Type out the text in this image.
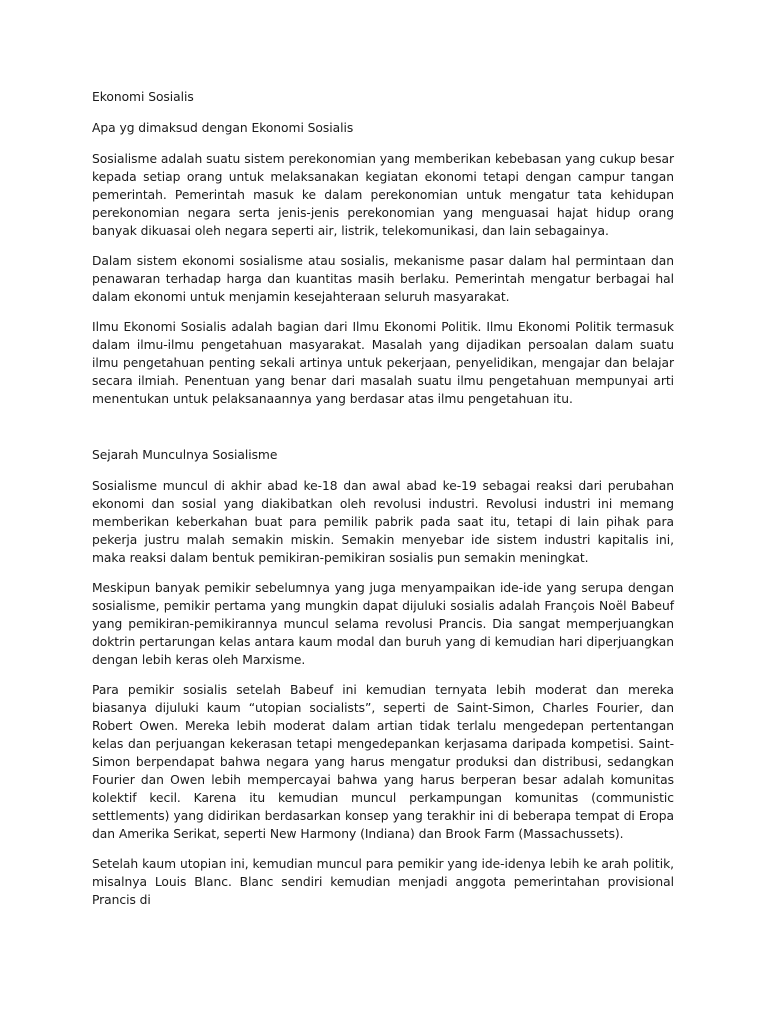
Ekonomi Sosialis

Apa yg dimaksud dengan Ekonomi Sosialis

Sosialisme adalah suatu sistem perekonomian yang memberikan kebebasan yang cukup besar kepada setiap orang untuk melaksanakan kegiatan ekonomi tetapi dengan campur tangan pemerintah. Pemerintah masuk ke dalam perekonomian untuk mengatur tata kehidupan perekonomian negara serta jenis-jenis perekonomian yang menguasai hajat hidup orang banyak dikuasai oleh negara seperti air, listrik, telekomunikasi, dan lain sebagainya.

Dalam sistem ekonomi sosialisme atau sosialis, mekanisme pasar dalam hal permintaan dan penawaran terhadap harga dan kuantitas masih berlaku. Pemerintah mengatur berbagai hal dalam ekonomi untuk menjamin kesejahteraan seluruh masyarakat.

Ilmu Ekonomi Sosialis adalah bagian dari Ilmu Ekonomi Politik. Ilmu Ekonomi Politik termasuk dalam ilmu-ilmu pengetahuan masyarakat. Masalah yang dijadikan persoalan dalam suatu ilmu pengetahuan penting sekali artinya untuk pekerjaan, penyelidikan, mengajar dan belajar secara ilmiah. Penentuan yang benar dari masalah suatu ilmu pengetahuan mempunyai arti menentukan untuk pelaksanaannya yang berdasar atas ilmu pengetahuan itu.

Sejarah Munculnya Sosialisme

Sosialisme muncul di akhir abad ke-18 dan awal abad ke-19 sebagai reaksi dari perubahan ekonomi dan sosial yang diakibatkan oleh revolusi industri. Revolusi industri ini memang memberikan keberkahan buat para pemilik pabrik pada saat itu, tetapi di lain pihak para pekerja justru malah semakin miskin. Semakin menyebar ide sistem industri kapitalis ini, maka reaksi dalam bentuk pemikiran-pemikiran sosialis pun semakin meningkat.

Meskipun banyak pemikir sebelumnya yang juga menyampaikan ide-ide yang serupa dengan sosialisme, pemikir pertama yang mungkin dapat dijuluki sosialis adalah François Noël Babeuf yang pemikiran-pemikirannya muncul selama revolusi Prancis. Dia sangat memperjuangkan doktrin pertarungan kelas antara kaum modal dan buruh yang di kemudian hari diperjuangkan dengan lebih keras oleh Marxisme.

Para pemikir sosialis setelah Babeuf ini kemudian ternyata lebih moderat dan mereka biasanya dijuluki kaum “utopian socialists”, seperti de Saint-Simon, Charles Fourier, dan Robert Owen. Mereka lebih moderat dalam artian tidak terlalu mengedepan pertentangan kelas dan perjuangan kekerasan tetapi mengedepankan kerjasama daripada kompetisi. Saint-Simon berpendapat bahwa negara yang harus mengatur produksi dan distribusi, sedangkan Fourier dan Owen lebih mempercayai bahwa yang harus berperan besar adalah komunitas kolektif kecil. Karena itu kemudian muncul perkampungan komunitas (communistic settlements) yang didirikan berdasarkan konsep yang terakhir ini di beberapa tempat di Eropa dan Amerika Serikat, seperti New Harmony (Indiana) dan Brook Farm (Massachussets).

Setelah kaum utopian ini, kemudian muncul para pemikir yang ide-idenya lebih ke arah politik, misalnya Louis Blanc. Blanc sendiri kemudian menjadi anggota pemerintahan provisional Prancis di
